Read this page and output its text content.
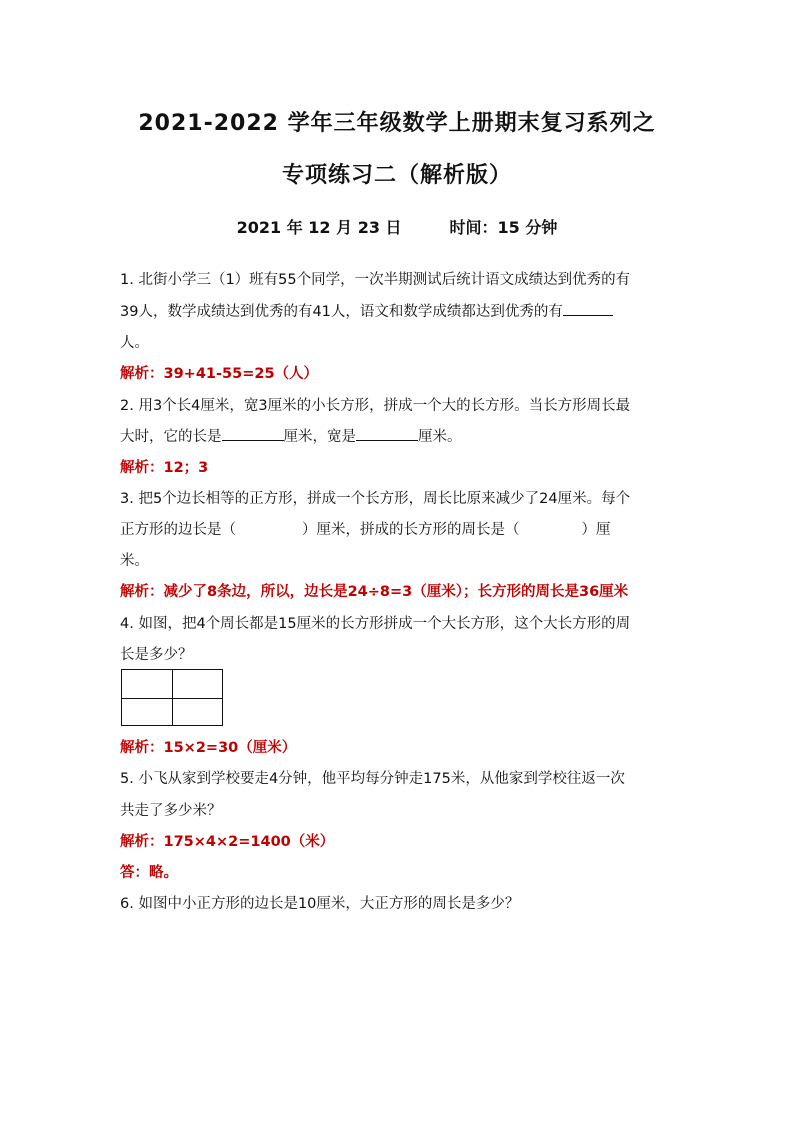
2021-2022 学年三年级数学上册期末复习系列之
专项练习二（解析版）
2021 年 12 月 23 日	时间：15 分钟
1. 北街小学三（1）班有55个同学，一次半期测试后统计语文成绩达到优秀的有
39人，数学成绩达到优秀的有41人，语文和数学成绩都达到优秀的有
人。
解析：39+41-55=25（人）
2. 用3个长4厘米，宽3厘米的小长方形，拼成一个大的长方形。当长方形周长最
大时，它的长是	厘米，宽是	厘米。
解析：12；3
3. 把5个边长相等的正方形，拼成一个长方形，周长比原来减少了24厘米。每个
正方形的边长是（	）厘米，拼成的长方形的周长是（	）厘
米。
解析：减少了8条边，所以，边长是24÷8=3（厘米）；长方形的周长是36厘米
4. 如图，把4个周长都是15厘米的长方形拼成一个大长方形，这个大长方形的周
长是多少？
解析：15×2=30（厘米）
5. 小飞从家到学校要走4分钟，他平均每分钟走175米，从他家到学校往返一次
共走了多少米？
解析：175×4×2=1400（米）
答：略。
6. 如图中小正方形的边长是10厘米，大正方形的周长是多少？
